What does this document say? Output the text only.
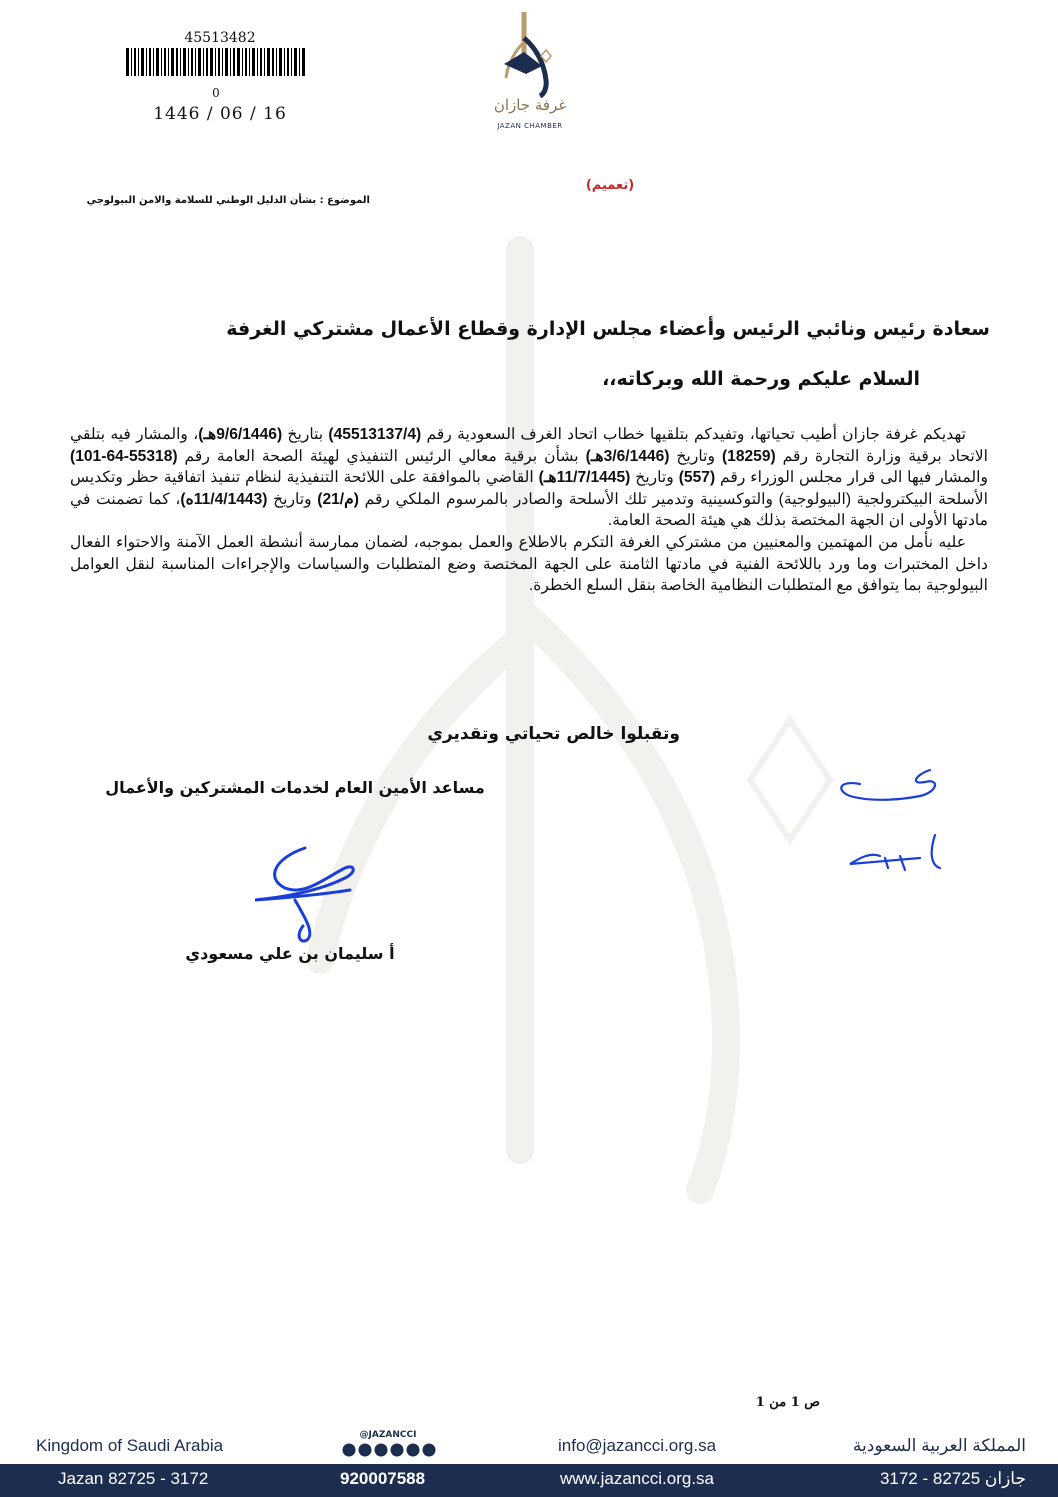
45513482
0
1446 / 06 / 16	غرفة جازان
JAZAN CHAMBER
(تعميم)
الموضوع : بشأن الدليل الوطني للسلامة والامن البيولوجي
سعادة رئيس ونائبي الرئيس وأعضاء مجلس الإدارة وقطاع الأعمال مشتركي الغرفة
السلام عليكم ورحمة الله وبركاته،،

تهديكم غرفة جازان أطيب تحياتها، وتفيدكم بتلقيها خطاب اتحاد الغرف السعودية رقم (45513137/4) بتاريخ (9/6/1446هـ)، والمشار فيه بتلقي الاتحاد برقية وزارة التجارة رقم (18259) وتاريخ (3/6/1446هـ) بشأن برقية معالي الرئيس التنفيذي لهيئة الصحة العامة رقم (55318-64-101) والمشار فيها الى قرار مجلس الوزراء رقم (557) وتاريخ (11/7/1445هـ) القاضي بالموافقة على اللائحة التنفيذية لنظام تنفيذ اتفاقية حظر وتكديس الأسلحة البيكترولجية (البيولوجية) والتوكسينية وتدمير تلك الأسلحة والصادر بالمرسوم الملكي رقم (م/21) وتاريخ (11/4/1443ه)، كما تضمنت في مادتها الأولى ان الجهة المختصة بذلك هي هيئة الصحة العامة.

عليه نأمل من المهتمين والمعنيين من مشتركي الغرفة التكرم بالاطلاع والعمل بموجبه، لضمان ممارسة أنشطة العمل الآمنة والاحتواء الفعال داخل المختبرات وما ورد باللائحة الفنية في مادتها الثامنة على الجهة المختصة وضع المتطلبات والسياسات والإجراءات المناسبة لنقل العوامل البيولوجية بما يتوافق مع المتطلبات النظامية الخاصة بنقل السلع الخطرة.

وتقبلوا خالص تحياتي وتقديري
مساعد الأمين العام لخدمات المشتركين والأعمال
أ سليمان بن علي مسعودي
ص 1 من 1
Kingdom of Saudi Arabia
@JAZANCCI
info@jazancci.org.sa	المملكة العربية السعودية
Jazan 82725 - 3172	920007588	www.jazancci.org.sa	جازان 82725 - 3172
